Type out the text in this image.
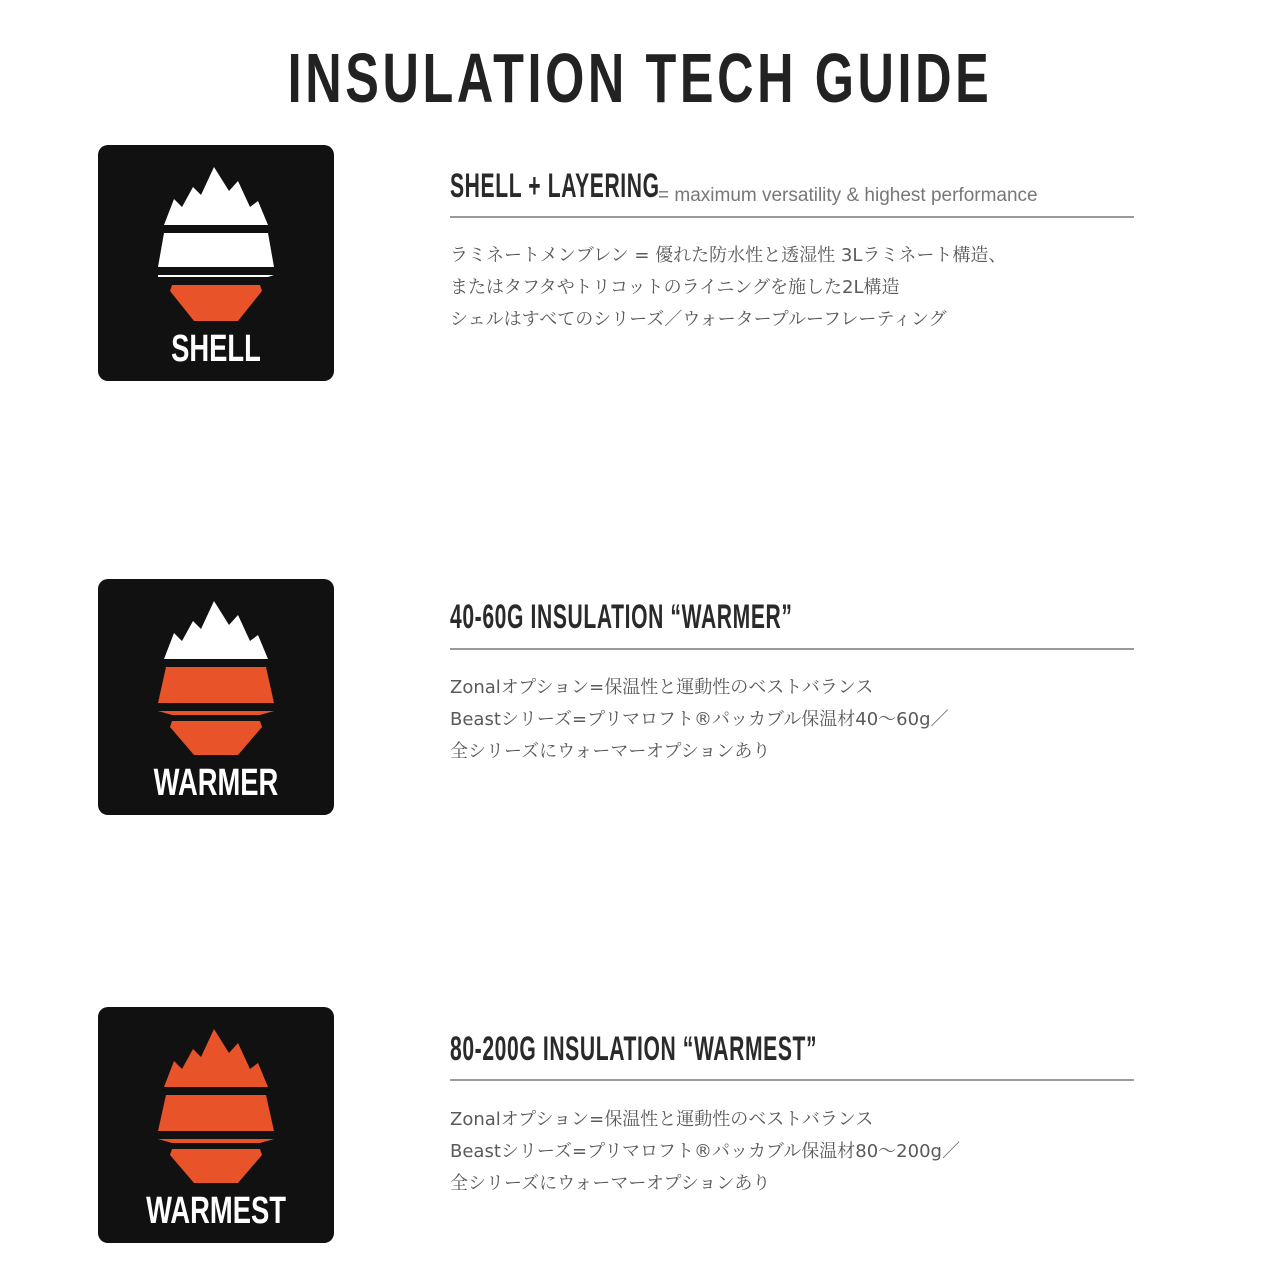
INSULATION TECH GUIDE
SHELL
SHELL + LAYERING
= maximum versatility & highest performance
ラミネートメンブレン = 優れた防水性と透湿性 3Lラミネート構造、
またはタフタやトリコットのライニングを施した2L構造
シェルはすべてのシリーズ／ウォータープルーフレーティング
WARMER
40-60G INSULATION “WARMER”
Zonalオプション=保温性と運動性のベストバランス
Beastシリーズ=プリマロフト®パッカブル保温材40～60g／
全シリーズにウォーマーオプションあり
WARMEST
80-200G INSULATION “WARMEST”
Zonalオプション=保温性と運動性のベストバランス
Beastシリーズ=プリマロフト®パッカブル保温材80～200g／
全シリーズにウォーマーオプションあり
